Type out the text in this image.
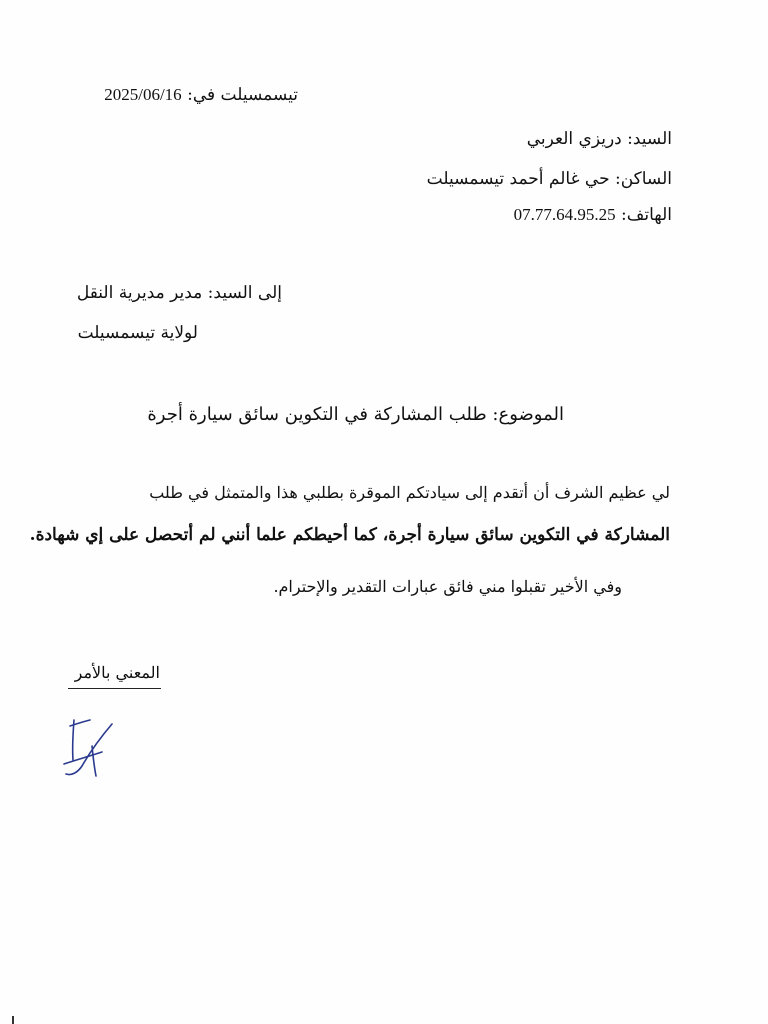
تيسمسيلت في: 2025/06/16
السيد: دريزي العربي
الساكن: حي غالم أحمد تيسمسيلت
الهاتف: 07.77.64.95.25
إلى السيد: مدير مديرية النقل
لولاية تيسمسيلت
الموضوع: طلب المشاركة في التكوين سائق سيارة أجرة
لي عظيم الشرف أن أتقدم إلى سيادتكم الموقرة بطلبي هذا والمتمثل في طلب
المشاركة في التكوين سائق سيارة أجرة، كما أحيطكم علما أنني لم أتحصل على إي شهادة.
وفي الأخير تقبلوا مني فائق عبارات التقدير والإحترام.
المعني بالأمر
